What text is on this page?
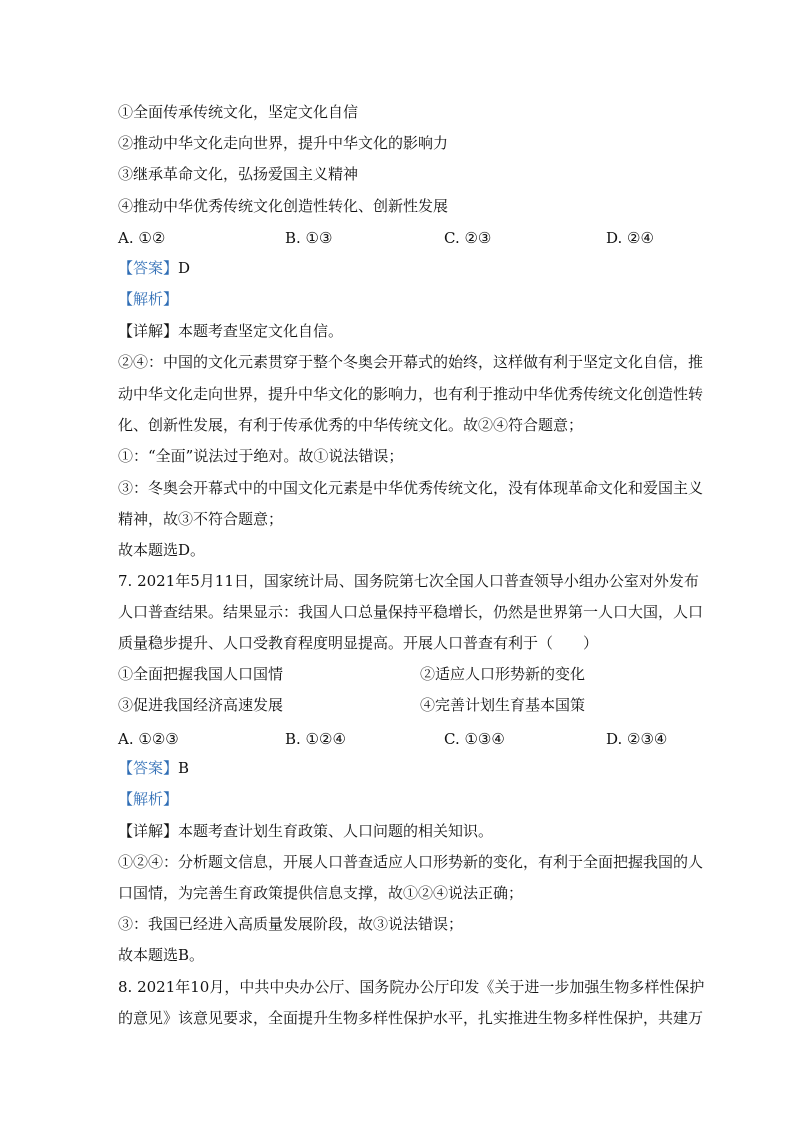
①全面传承传统文化，坚定文化自信
②推动中华文化走向世界，提升中华文化的影响力
③继承革命文化，弘扬爱国主义精神
④推动中华优秀传统文化创造性转化、创新性发展
A. ①②	B. ①③	C. ②③	D. ②④
【答案】D
【解析】
【详解】本题考查坚定文化自信。
②④：中国的文化元素贯穿于整个冬奥会开幕式的始终，这样做有利于坚定文化自信，推
动中华文化走向世界，提升中华文化的影响力，也有利于推动中华优秀传统文化创造性转
化、创新性发展，有利于传承优秀的中华传统文化。故②④符合题意；
①：“全面”说法过于绝对。故①说法错误；
③：冬奥会开幕式中的中国文化元素是中华优秀传统文化，没有体现革命文化和爱国主义
精神，故③不符合题意；
故本题选D。
7. 2021年5月11日，国家统计局、国务院第七次全国人口普查领导小组办公室对外发布
人口普查结果。结果显示：我国人口总量保持平稳增长，仍然是世界第一人口大国，人口
质量稳步提升、人口受教育程度明显提高。开展人口普查有利于（　　）
①全面把握我国人口国情	②适应人口形势新的变化
③促进我国经济高速发展	④完善计划生育基本国策
A. ①②③	B. ①②④	C. ①③④	D. ②③④
【答案】B
【解析】
【详解】本题考查计划生育政策、人口问题的相关知识。
①②④：分析题文信息，开展人口普查适应人口形势新的变化，有利于全面把握我国的人
口国情，为完善生育政策提供信息支撑，故①②④说法正确；
③：我国已经进入高质量发展阶段，故③说法错误；
故本题选B。
8. 2021年10月，中共中央办公厅、国务院办公厅印发《关于进一步加强生物多样性保护
的意见》该意见要求，全面提升生物多样性保护水平，扎实推进生物多样性保护，共建万
